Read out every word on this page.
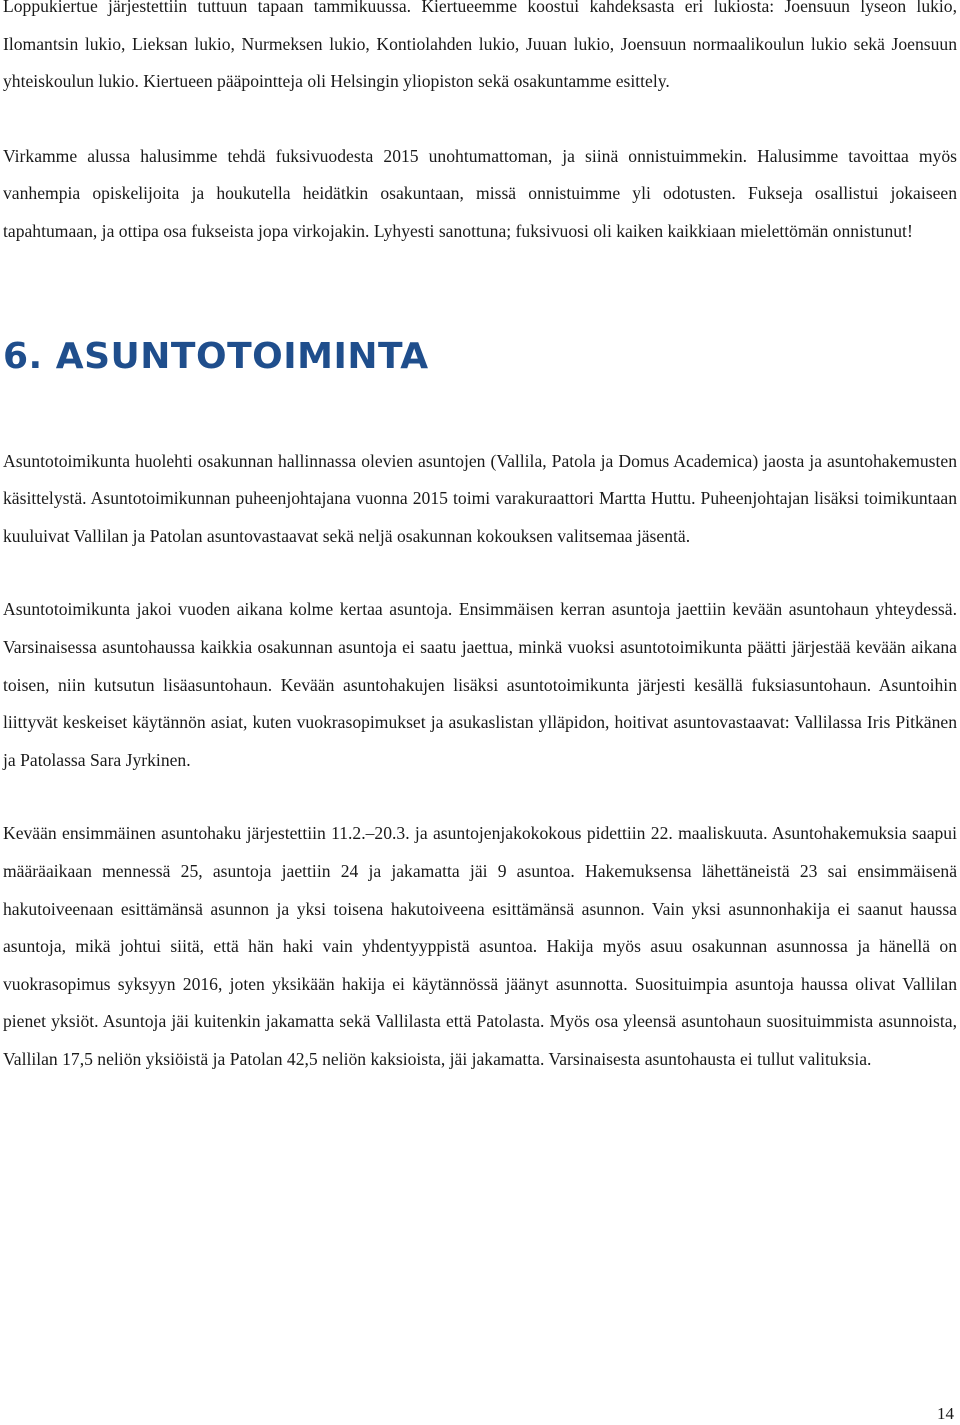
Loppukiertue järjestettiin tuttuun tapaan tammikuussa. Kiertueemme koostui kahdeksasta eri lukiosta: Joensuun lyseon lukio, Ilomantsin lukio, Lieksan lukio, Nurmeksen lukio, Kontiolahden lukio, Juuan lukio, Joensuun normaalikoulun lukio sekä Joensuun yhteiskoulun lukio. Kiertueen pääpointteja oli Helsingin yliopiston sekä osakuntamme esittely.

Virkamme alussa halusimme tehdä fuksivuodesta 2015 unohtumattoman, ja siinä onnistuimmekin. Halusimme tavoittaa myös vanhempia opiskelijoita ja houkutella heidätkin osakuntaan, missä onnistuimme yli odotusten. Fukseja osallistui jokaiseen tapahtumaan, ja ottipa osa fukseista jopa virkojakin. Lyhyesti sanottuna; fuksivuosi oli kaiken kaikkiaan mielettömän onnistunut!

6. ASUNTOTOIMINTA

Asuntotoimikunta huolehti osakunnan hallinnassa olevien asuntojen (Vallila, Patola ja Domus Academica) jaosta ja asuntohakemusten käsittelystä. Asuntotoimikunnan puheenjohtajana vuonna 2015 toimi varakuraattori Martta Huttu. Puheenjohtajan lisäksi toimikuntaan kuuluivat Vallilan ja Patolan asuntovastaavat sekä neljä osakunnan kokouksen valitsemaa jäsentä.

Asuntotoimikunta jakoi vuoden aikana kolme kertaa asuntoja. Ensimmäisen kerran asuntoja jaettiin kevään asuntohaun yhteydessä. Varsinaisessa asuntohaussa kaikkia osakunnan asuntoja ei saatu jaettua, minkä vuoksi asuntotoimikunta päätti järjestää kevään aikana toisen, niin kutsutun lisäasuntohaun. Kevään asuntohakujen lisäksi asuntotoimikunta järjesti kesällä fuksiasuntohaun. Asuntoihin liittyvät keskeiset käytännön asiat, kuten vuokrasopimukset ja asukaslistan ylläpidon, hoitivat asuntovastaavat: Vallilassa Iris Pitkänen ja Patolassa Sara Jyrkinen.

Kevään ensimmäinen asuntohaku järjestettiin 11.2.–20.3. ja asuntojenjakokokous pidettiin 22. maaliskuuta. Asuntohakemuksia saapui määräaikaan mennessä 25, asuntoja jaettiin 24 ja jakamatta jäi 9 asuntoa. Hakemuksensa lähettäneistä 23 sai ensimmäisenä hakutoiveenaan esittämänsä asunnon ja yksi toisena hakutoiveena esittämänsä asunnon. Vain yksi asunnonhakija ei saanut haussa asuntoja, mikä johtui siitä, että hän haki vain yhdentyyppistä asuntoa. Hakija myös asuu osakunnan asunnossa ja hänellä on vuokrasopimus syksyyn 2016, joten yksikään hakija ei käytännössä jäänyt asunnotta. Suosituimpia asuntoja haussa olivat Vallilan pienet yksiöt. Asuntoja jäi kuitenkin jakamatta sekä Vallilasta että Patolasta. Myös osa yleensä asuntohaun suosituimmista asunnoista, Vallilan 17,5 neliön yksiöistä ja Patolan 42,5 neliön kaksioista, jäi jakamatta. Varsinaisesta asuntohausta ei tullut valituksia.

14
